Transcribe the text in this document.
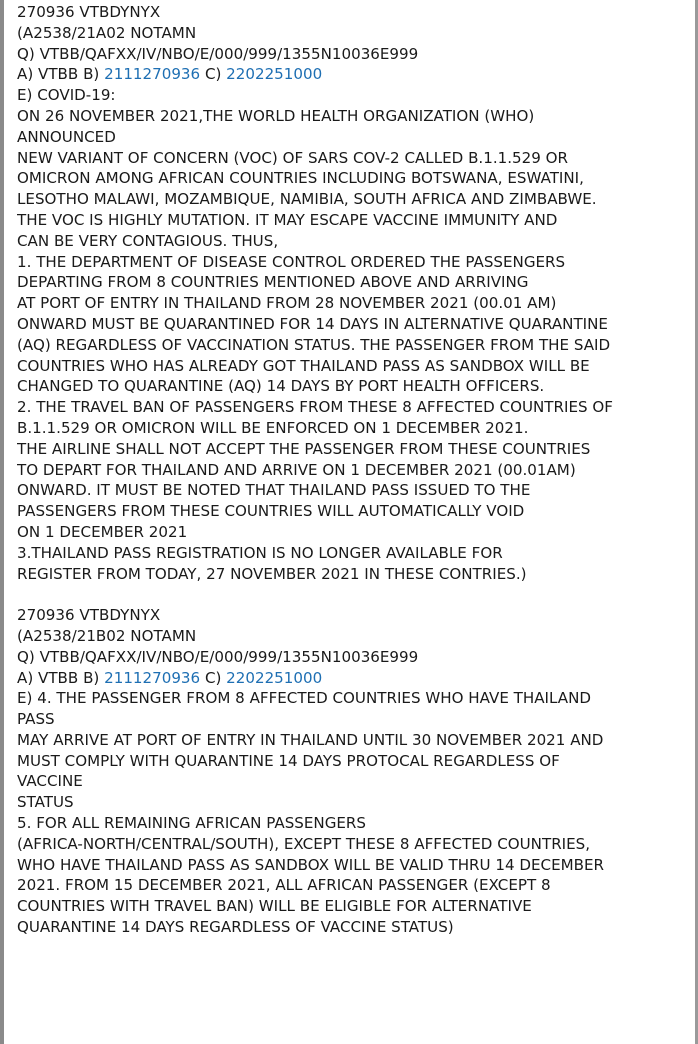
270936 VTBDYNYX
(A2538/21A02 NOTAMN
Q) VTBB/QAFXX/IV/NBO/E/000/999/1355N10036E999
A) VTBB B) 2111270936 C) 2202251000
E) COVID-19:
ON 26 NOVEMBER 2021,THE WORLD HEALTH ORGANIZATION (WHO)
ANNOUNCED
NEW VARIANT OF CONCERN (VOC) OF SARS COV-2 CALLED B.1.1.529 OR
OMICRON AMONG AFRICAN COUNTRIES INCLUDING BOTSWANA, ESWATINI,
LESOTHO MALAWI, MOZAMBIQUE, NAMIBIA, SOUTH AFRICA AND ZIMBABWE.
THE VOC IS HIGHLY MUTATION. IT MAY ESCAPE VACCINE IMMUNITY AND
CAN BE VERY CONTAGIOUS. THUS,
1. THE DEPARTMENT OF DISEASE CONTROL ORDERED THE PASSENGERS
DEPARTING FROM 8 COUNTRIES MENTIONED ABOVE AND ARRIVING
AT PORT OF ENTRY IN THAILAND FROM 28 NOVEMBER 2021 (00.01 AM)
ONWARD MUST BE QUARANTINED FOR 14 DAYS IN ALTERNATIVE QUARANTINE
(AQ) REGARDLESS OF VACCINATION STATUS. THE PASSENGER FROM THE SAID
COUNTRIES WHO HAS ALREADY GOT THAILAND PASS AS SANDBOX WILL BE
CHANGED TO QUARANTINE (AQ) 14 DAYS BY PORT HEALTH OFFICERS.
2. THE TRAVEL BAN OF PASSENGERS FROM THESE 8 AFFECTED COUNTRIES OF
B.1.1.529 OR OMICRON WILL BE ENFORCED ON 1 DECEMBER 2021.
THE AIRLINE SHALL NOT ACCEPT THE PASSENGER FROM THESE COUNTRIES
TO DEPART FOR THAILAND AND ARRIVE ON 1 DECEMBER 2021 (00.01AM)
ONWARD. IT MUST BE NOTED THAT THAILAND PASS ISSUED TO THE
PASSENGERS FROM THESE COUNTRIES WILL AUTOMATICALLY VOID
ON 1 DECEMBER 2021
3.THAILAND PASS REGISTRATION IS NO LONGER AVAILABLE FOR
REGISTER FROM TODAY, 27 NOVEMBER 2021 IN THESE CONTRIES.)
270936 VTBDYNYX
(A2538/21B02 NOTAMN
Q) VTBB/QAFXX/IV/NBO/E/000/999/1355N10036E999
A) VTBB B) 2111270936 C) 2202251000
E) 4. THE PASSENGER FROM 8 AFFECTED COUNTRIES WHO HAVE THAILAND
PASS
MAY ARRIVE AT PORT OF ENTRY IN THAILAND UNTIL 30 NOVEMBER 2021 AND
MUST COMPLY WITH QUARANTINE 14 DAYS PROTOCAL REGARDLESS OF
VACCINE
STATUS
5. FOR ALL REMAINING AFRICAN PASSENGERS
(AFRICA-NORTH/CENTRAL/SOUTH), EXCEPT THESE 8 AFFECTED COUNTRIES,
WHO HAVE THAILAND PASS AS SANDBOX WILL BE VALID THRU 14 DECEMBER
2021. FROM 15 DECEMBER 2021, ALL AFRICAN PASSENGER (EXCEPT 8
COUNTRIES WITH TRAVEL BAN) WILL BE ELIGIBLE FOR ALTERNATIVE
QUARANTINE 14 DAYS REGARDLESS OF VACCINE STATUS)
